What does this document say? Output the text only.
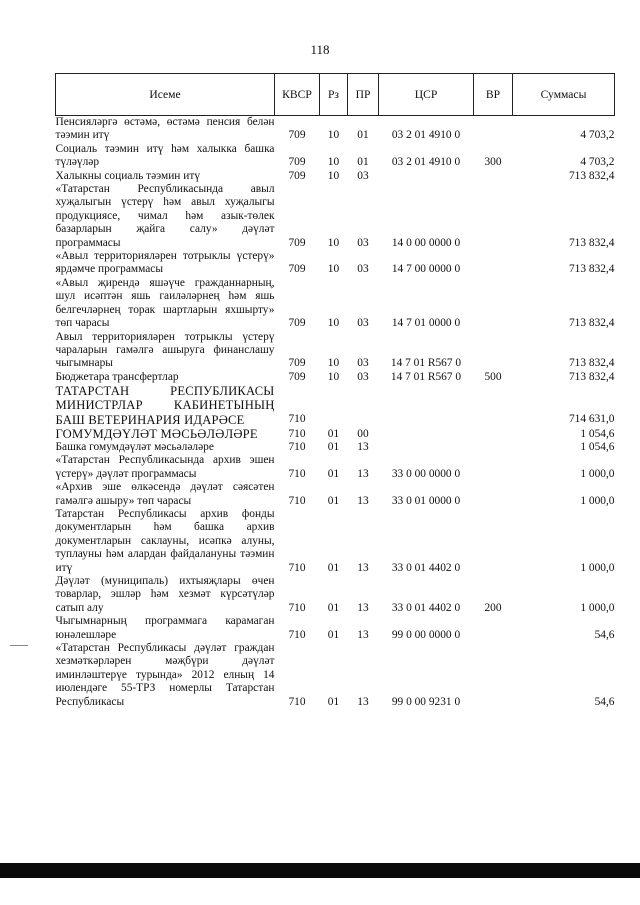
118
Исеме	КВСР	Рз	ПР	ЦСР	ВР	Суммасы
Пенсияләргә өстәмә, өстәмә пенсия белән тәэмин итү	709	10	01	03 2 01 4910 0		4 703,2
Социаль тәэмин итү һәм халыкка башка түләүләр	709	10	01	03 2 01 4910 0	300	4 703,2
Халыкны социаль тәэмин итү	709	10	03			713 832,4
«Татарстан Республикасында авыл хуҗалыгын үстерү һәм авыл хуҗалыгы продукциясе, чимал һәм азык-төлек базарларын җайга салу» дәүләт программасы	709	10	03	14 0 00 0000 0		713 832,4
«Авыл территорияләрен тотрыклы үстерү» ярдәмче программасы	709	10	03	14 7 00 0000 0		713 832,4
«Авыл җирендә яшәүче гражданнарның, шул исәптән яшь гаиләләрнең һәм яшь белгечләрнең торак шартларын яхшырту» төп чарасы	709	10	03	14 7 01 0000 0		713 832,4
Авыл территорияләрен тотрыклы үстерү чараларын гамәлгә ашыруга финанслашу чыгымнары	709	10	03	14 7 01 R567 0		713 832,4
Бюджетара трансфертлар	709	10	03	14 7 01 R567 0	500	713 832,4
ТАТАРСТАН РЕСПУБЛИКАСЫ МИНИСТРЛАР КАБИНЕТЫНЫҢ БАШ ВЕТЕРИНАРИЯ ИДАРӘСЕ	710					714 631,0
ГОМУМДӘҮЛӘТ МӘСЬӘЛӘЛӘРЕ	710	01	00			1 054,6
Башка гомумдәүләт мәсьәләләре	710	01	13			1 054,6
«Татарстан Республикасында архив эшен үстерү» дәүләт программасы	710	01	13	33 0 00 0000 0		1 000,0
«Архив эше өлкәсендә дәүләт сәясәтен гамәлгә ашыру» төп чарасы	710	01	13	33 0 01 0000 0		1 000,0
Татарстан Республикасы архив фонды документларын һәм башка архив документларын саклауны, исәпкә алуны, туплауны һәм алардан файдалануны тәэмин итү	710	01	13	33 0 01 4402 0		1 000,0
Дәүләт (муниципаль) ихтыяҗлары өчен товарлар, эшләр һәм хезмәт күрсәтүләр сатып алу	710	01	13	33 0 01 4402 0	200	1 000,0
Чыгымнарның программага карамаган юнәлешләре	710	01	13	99 0 00 0000 0		54,6
«Татарстан Республикасы дәүләт граждан хезмәткәрләрен мәҗбүри дәүләт иминләштерүе турында» 2012 елның 14 июлендәге 55-ТРЗ номерлы Татарстан Республикасы	710	01	13	99 0 00 9231 0		54,6
